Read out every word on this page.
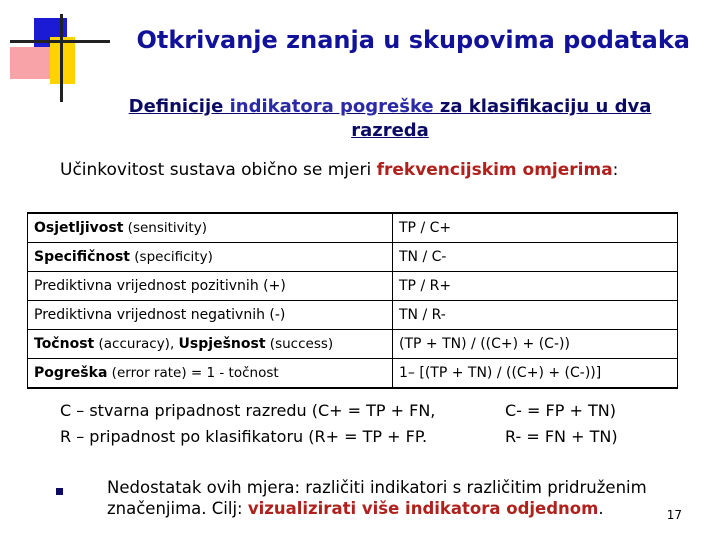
Otkrivanje znanja u skupovima podataka
Definicije indikatora pogreške za klasifikaciju u dva razreda
Učinkovitost sustava obično se mjeri frekvencijskim omjerima:
Osjetljivost (sensitivity)	TP / C+
Specifičnost (specificity)	TN / C-
Prediktivna vrijednost pozitivnih (+)	TP / R+
Prediktivna vrijednost negativnih (-)	TN / R-
Točnost (accuracy), Uspješnost (success)	(TP + TN) / ((C+) + (C-))
Pogreška (error rate) = 1 - točnost	1– [(TP + TN) / ((C+) + (C-))]
C – stvarna pripadnost razredu (C+ = TP + FN,	C- = FP + TN)
R – pripadnost po klasifikatoru (R+ = TP + FP.	R- = FN + TN)
Nedostatak ovih mjera: različiti indikatori s različitim pridruženim značenjima. Cilj: vizualizirati više indikatora odjednom.	17
